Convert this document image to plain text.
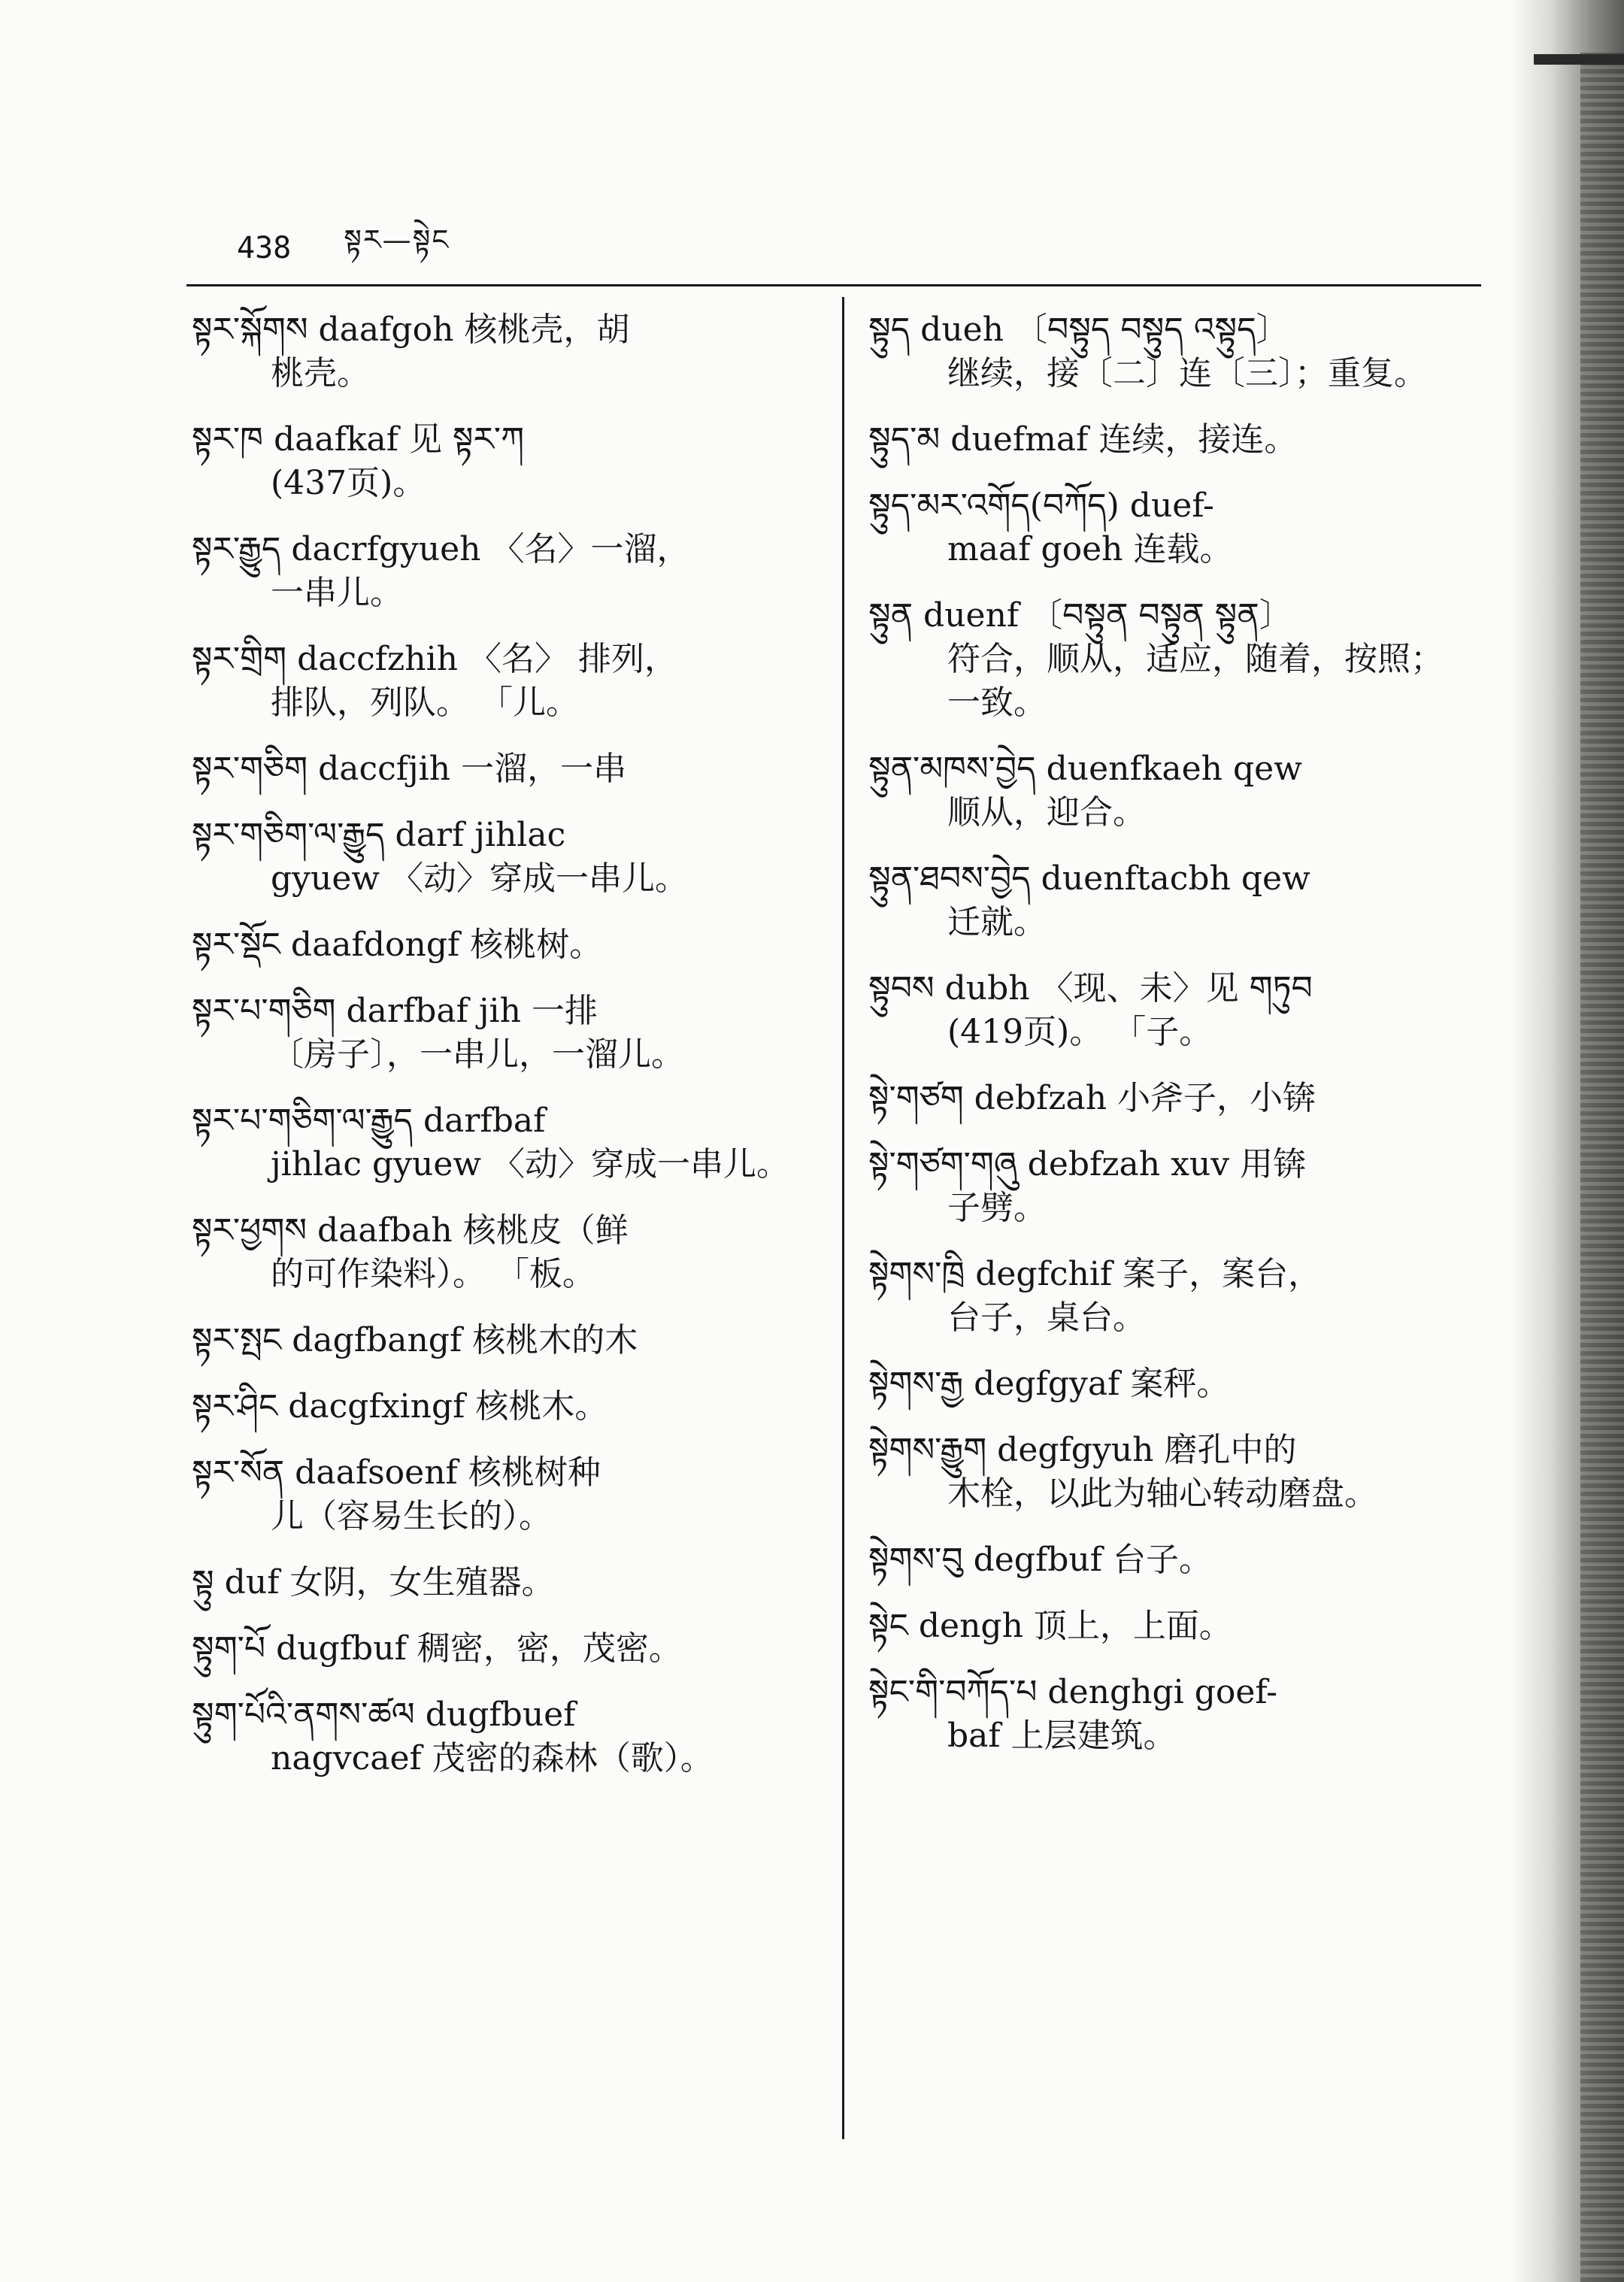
438 སྟར—སྟེང
སྟར་སྐོགས daafgoh 核桃壳，胡
桃壳。
སྟར་ཁ daafkaf 见 སྟར་ཀ
(437页)。
སྟར་རྒྱུད dacrfgyueh 〈名〉一溜，
一串儿。
སྟར་གྲིག daccfzhih 〈名〉 排列，
排队，列队。 「儿。
སྟར་གཅིག daccfjih 一溜，一串
སྟར་གཅིག་ལ་རྒྱུད darf jihlac
gyuew 〈动〉穿成一串儿。
སྟར་སྡོང daafdongf 核桃树。
སྟར་པ་གཅིག darfbaf jih 一排
〔房子〕，一串儿，一溜儿。
སྟར་པ་གཅིག་ལ་རྒྱུད darfbaf
jihlac gyuew 〈动〉穿成一串儿。
སྟར་ཕྱགས daafbah 核桃皮（鲜
的可作染料）。 「板。
སྟར་སྤང dagfbangf 核桃木的木
སྟར་ཤིང dacgfxingf 核桃木。
སྟར་སོན daafsoenf 核桃树种
儿（容易生长的）。
སྟུ duf 女阴，女生殖器。
སྟུག་པོ dugfbuf 稠密，密，茂密。
སྟུག་པོའི་ནགས་ཚལ dugfbuef
nagvcaef 茂密的森林（歌）。
སྟུད dueh 〔བསྟུད བསྟུད འསྟུད〕
继续，接〔二〕连〔三〕；重复。
སྟུད་མ duefmaf 连续，接连。
སྟུད་མར་འགོད(བཀོད) duef-
maaf goeh 连载。
སྟུན duenf 〔བསྟུན བསྟུན སྟུན〕
符合，顺从，适应，随着，按照；
一致。
སྟུན་མཁས་བྱེད duenfkaeh qew
顺从，迎合。
སྟུན་ཐབས་བྱེད duenftacbh qew
迁就。
སྟུབས dubh 〈现、未〉见 གཏུབ
(419页)。 「子。
སྟེ་གཙག debfzah 小斧子，小锛
སྟེ་གཙག་གཞུ debfzah xuv 用锛
子劈。
སྟེགས་ཁྲི degfchif 案子，案台，
台子，桌台。
སྟེགས་རྒྱ degfgyaf 案秤。
སྟེགས་རྒྱུག degfgyuh 磨孔中的
木栓，以此为轴心转动磨盘。
སྟེགས་བུ degfbuf 台子。
སྟེང dengh 顶上，上面。
སྟེང་གི་བཀོད་པ denghgi goef-
baf 上层建筑。
